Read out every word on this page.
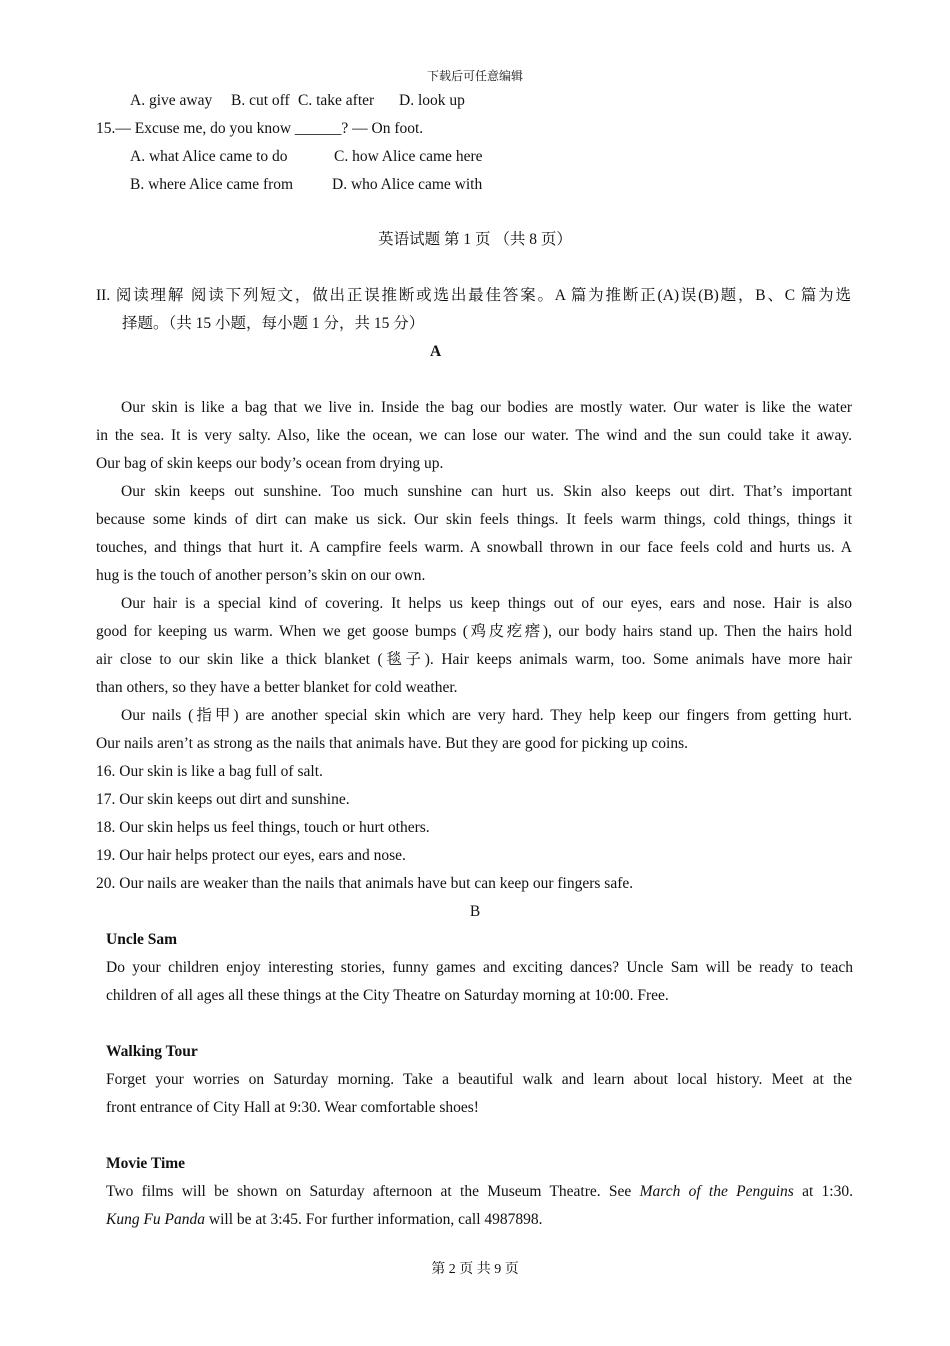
下载后可任意编辑
A. give away B. cut off C. take after D. look up
15.— Excuse me, do you know ______? — On foot.
A. what Alice came to do	C. how Alice came here
B. where Alice came from	D. who Alice came with
英语试题 第 1 页 （共 8 页）
II. 阅读理解 阅读下列短文，做出正误推断或选出最佳答案。A 篇为推断正(A)误(B)题，B、C 篇为选
择题。（共 15 小题，每小题 1 分，共 15 分）
A
Our skin is like a bag that we live in. Inside the bag our bodies are mostly water. Our water is like the water
in the sea. It is very salty. Also, like the ocean, we can lose our water. The wind and the sun could take it away.
Our bag of skin keeps our body’s ocean from drying up.
Our skin keeps out sunshine. Too much sunshine can hurt us. Skin also keeps out dirt. That’s important
because some kinds of dirt can make us sick. Our skin feels things. It feels warm things, cold things, things it
touches, and things that hurt it. A campfire feels warm. A snowball thrown in our face feels cold and hurts us. A
hug is the touch of another person’s skin on our own.
Our hair is a special kind of covering. It helps us keep things out of our eyes, ears and nose. Hair is also
good for keeping us warm. When we get goose bumps (鸡皮疙瘩), our body hairs stand up. Then the hairs hold
air close to our skin like a thick blanket (毯子). Hair keeps animals warm, too. Some animals have more hair
than others, so they have a better blanket for cold weather.
Our nails (指甲) are another special skin which are very hard. They help keep our fingers from getting hurt.
Our nails aren’t as strong as the nails that animals have. But they are good for picking up coins.
16. Our skin is like a bag full of salt.
17. Our skin keeps out dirt and sunshine.
18. Our skin helps us feel things, touch or hurt others.
19. Our hair helps protect our eyes, ears and nose.
20. Our nails are weaker than the nails that animals have but can keep our fingers safe.
B
Uncle Sam
Do your children enjoy interesting stories, funny games and exciting dances? Uncle Sam will be ready to teach
children of all ages all these things at the City Theatre on Saturday morning at 10:00. Free.
Walking Tour
Forget your worries on Saturday morning. Take a beautiful walk and learn about local history. Meet at the
front entrance of City Hall at 9:30. Wear comfortable shoes!
Movie Time
Two films will be shown on Saturday afternoon at the Museum Theatre. See March of the Penguins at 1:30.
Kung Fu Panda will be at 3:45. For further information, call 4987898.
第 2 页 共 9 页
